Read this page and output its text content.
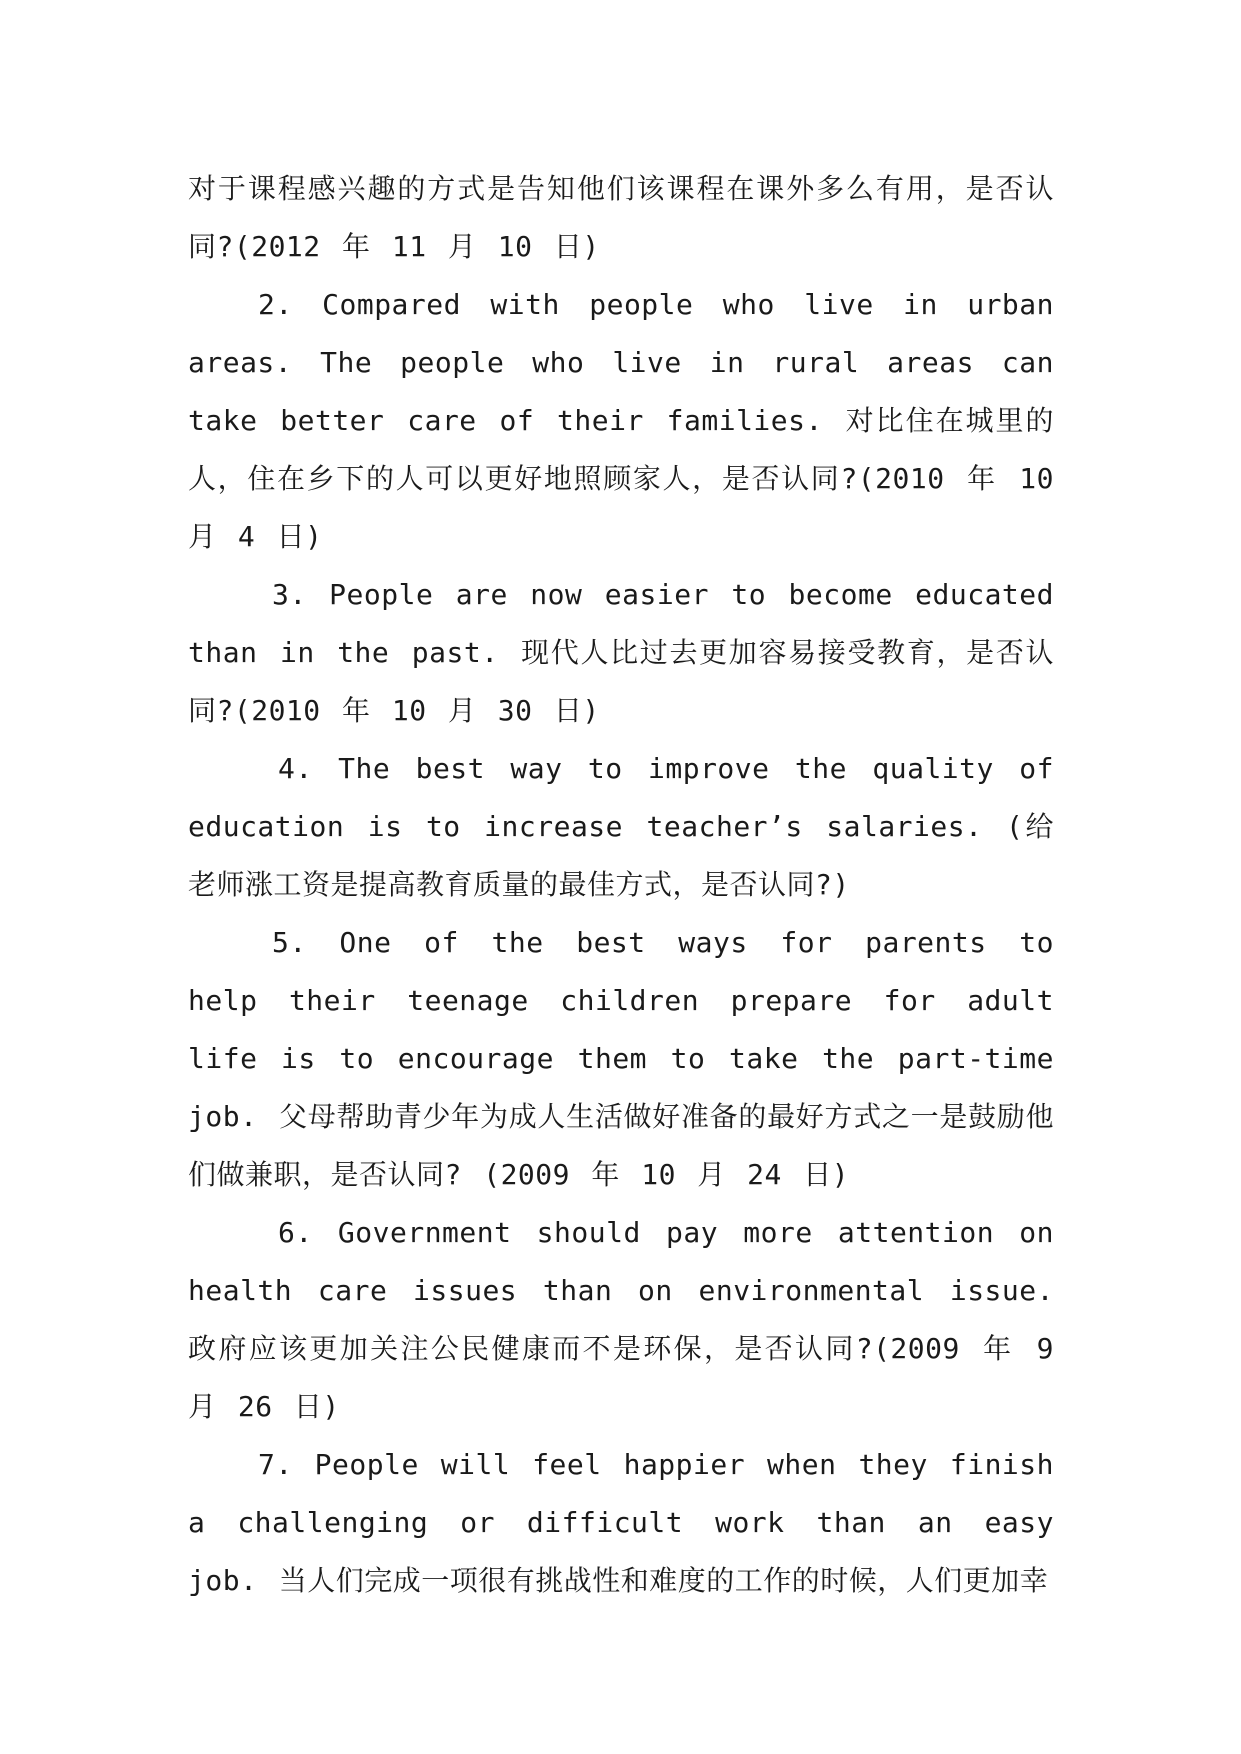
对于课程感兴趣的方式是告知他们该课程在课外多么有用，是否认同?(2012 年 11 月 10 日)

2. Compared with people who live in urban areas. The people who live in rural areas can take better care of their families. 对比住在城里的人，住在乡下的人可以更好地照顾家人，是否认同?(2010 年 10 月 4 日)

3. People are now easier to become educated than in the past. 现代人比过去更加容易接受教育，是否认同?(2010 年 10 月 30 日)

4. The best way to improve the quality of education is to increase teacher’s salaries. (给老师涨工资是提高教育质量的最佳方式，是否认同?)

5. One of the best ways for parents to help their teenage children prepare for adult life is to encourage them to take the part-time job. 父母帮助青少年为成人生活做好准备的最好方式之一是鼓励他们做兼职，是否认同? (2009 年 10 月 24 日)

6. Government should pay more attention on health care issues than on environmental issue. 政府应该更加关注公民健康而不是环保，是否认同?(2009 年 9 月 26 日)

7. People will feel happier when they finish a challenging or difficult work than an easy job. 当人们完成一项很有挑战性和难度的工作的时候，人们更加幸
